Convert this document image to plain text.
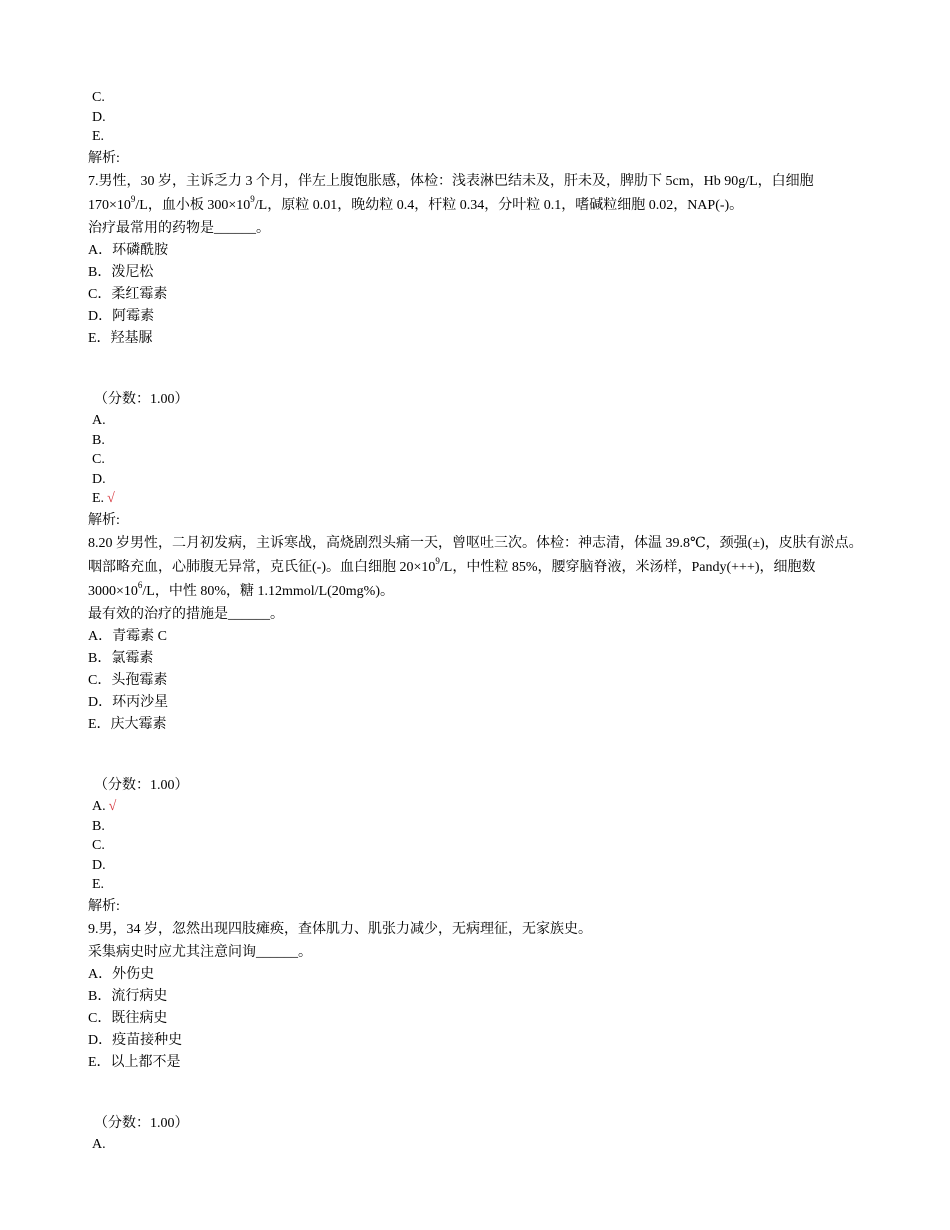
C.
D.
E.
解析:
7.男性，30 岁，主诉乏力 3 个月，伴左上腹饱胀感，体检：浅表淋巴结未及，肝未及，脾肋下 5cm，Hb 90g/L，白细胞
$170\times 10^9/L$，血小板 $300\times 10^9/L$，原粒 0.01，晚幼粒 0.4，杆粒 0.34，分叶粒 0.1，嗜碱粒细胞 0.02，NAP(-)。
治疗最常用的药物是______。
A．环磷酰胺
B．泼尼松
C．柔红霉素
D．阿霉素
E．羟基脲
（分数：1.00）
A.
B.
C.
D.
E. √
解析:
8.20 岁男性，二月初发病，主诉寒战，高烧剧烈头痛一天，曾呕吐三次。体检：神志清，体温 39.8℃，颈强(±)，皮肤有淤点。
咽部略充血，心肺腹无异常，克氏征(-)。血白细胞 $20\times 10^9/L$，中性粒 85%，腰穿脑脊液，米汤样，Pandy(+++)，细胞数
$3000\times 10^6/L$，中性 80%，糖 1.12mmol/L(20mg%)。
最有效的治疗的措施是______。
A．青霉素 C
B．氯霉素
C．头孢霉素
D．环丙沙星
E．庆大霉素
（分数：1.00）
A. √
B.
C.
D.
E.
解析:
9.男，34 岁，忽然出现四肢瘫痪，查体肌力、肌张力减少，无病理征，无家族史。
采集病史时应尤其注意问询______。
A．外伤史
B．流行病史
C．既往病史
D．疫苗接种史
E．以上都不是
（分数：1.00）
A.
